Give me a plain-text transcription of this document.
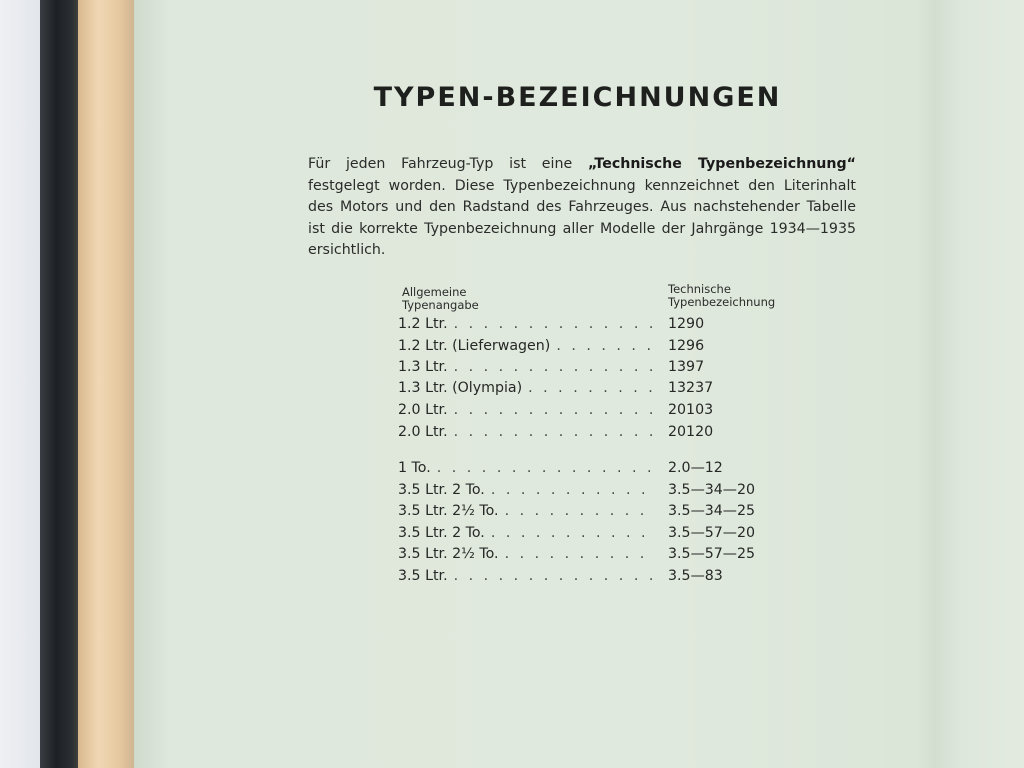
TYPEN-BEZEICHNUNGEN
Für jeden Fahrzeug-Typ ist eine „Technische Typenbezeichnung“ festgelegt worden. Diese Typenbezeichnung kennzeichnet den Literinhalt des Motors und den Radstand des Fahrzeuges. Aus nachstehender Tabelle ist die korrekte Typenbezeichnung aller Modelle der Jahrgänge 1934—1935 ersichtlich.
Allgemeine
Typenangabe
Technische
Typenbezeichnung
1.2 Ltr. . . .	1290
1.2 Ltr. (Lieferwagen) . . .	1296
1.3 Ltr. . . .	1397
1.3 Ltr. (Olympia) . . .	13237
2.0 Ltr. . . .	20103
2.0 Ltr. . . .	20120
1 To. . . .	2.0—12
3.5 Ltr. 2 To. . . .	3.5—34—20
3.5 Ltr. 2½ To. . . .	3.5—34—25
3.5 Ltr. 2 To. . . .	3.5—57—20
3.5 Ltr. 2½ To. . . .	3.5—57—25
3.5 Ltr. . . .	3.5—83
